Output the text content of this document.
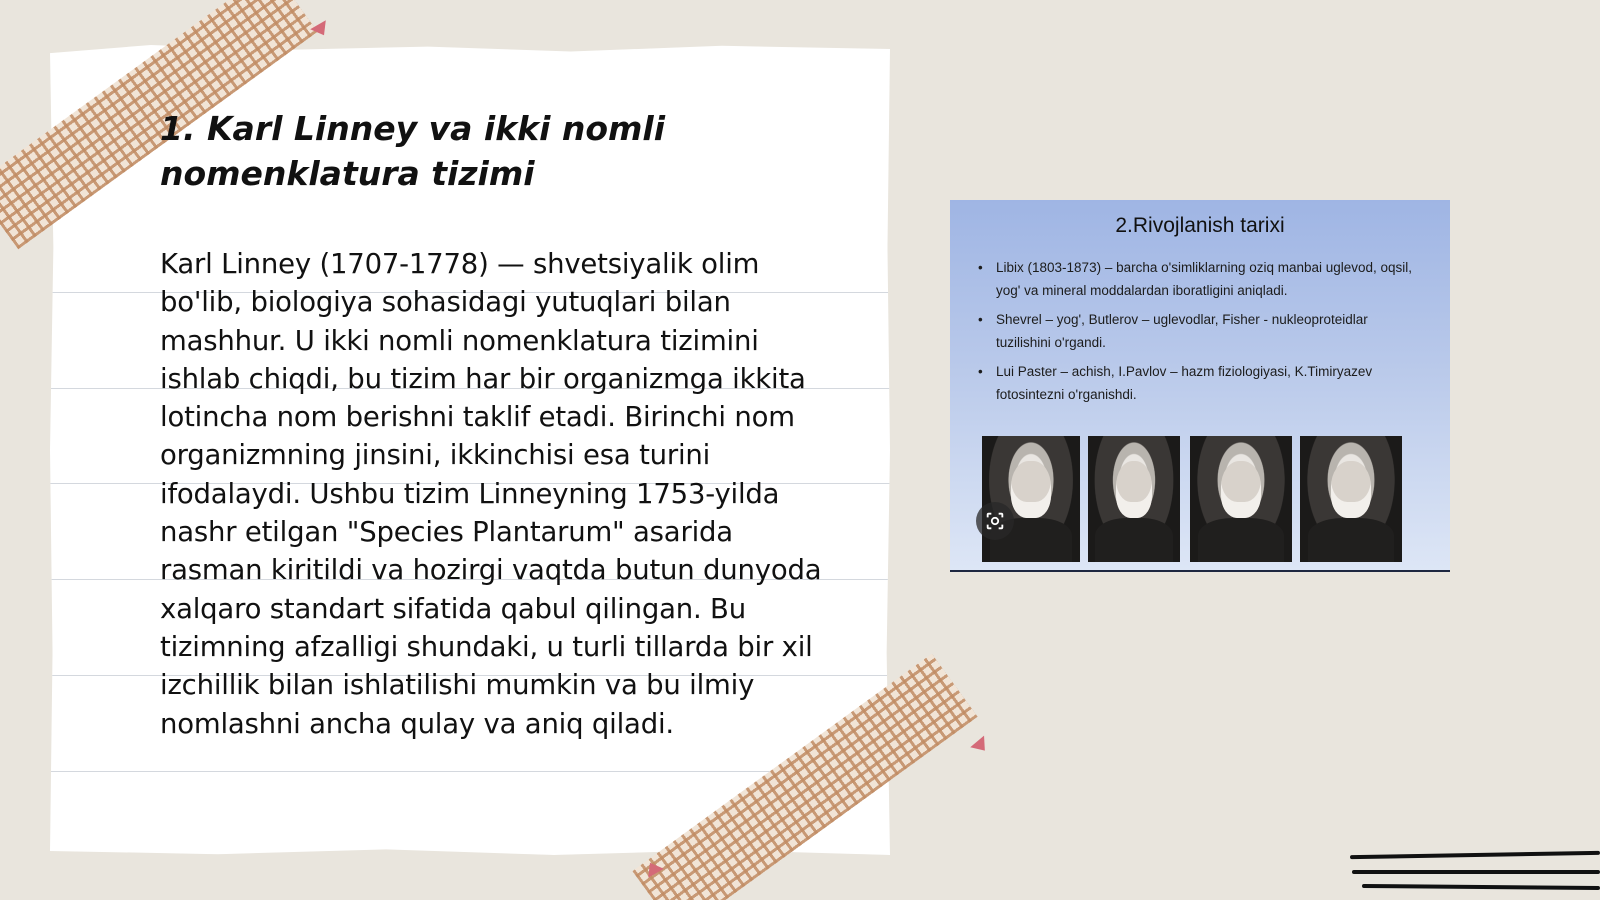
1. Karl Linney va ikki nomli nomenklatura tizimi

Karl Linney (1707-1778) — shvetsiyalik olim bo'lib, biologiya sohasidagi yutuqlari bilan mashhur. U ikki nomli nomenklatura tizimini ishlab chiqdi, bu tizim har bir organizmga ikkita lotincha nom berishni taklif etadi. Birinchi nom organizmning jinsini, ikkinchisi esa turini ifodalaydi. Ushbu tizim Linneyning 1753-yilda nashr etilgan "Species Plantarum" asarida rasman kiritildi va hozirgi vaqtda butun dunyoda xalqaro standart sifatida qabul qilingan. Bu tizimning afzalligi shundaki, u turli tillarda bir xil izchillik bilan ishlatilishi mumkin va bu ilmiy nomlashni ancha qulay va aniq qiladi.

2.Rivojlanish tarixi
• Libix (1803-1873) – barcha o'simliklarning oziq manbai uglevod, oqsil, yog' va mineral moddalardan iboratligini aniqladi.
• Shevrel – yog', Butlerov – uglevodlar, Fisher - nukleoproteidlar tuzilishini o'rgandi.
• Lui Paster – achish, I.Pavlov – hazm fiziologiyasi, K.Timiryazev fotosintezni o'rganishdi.
